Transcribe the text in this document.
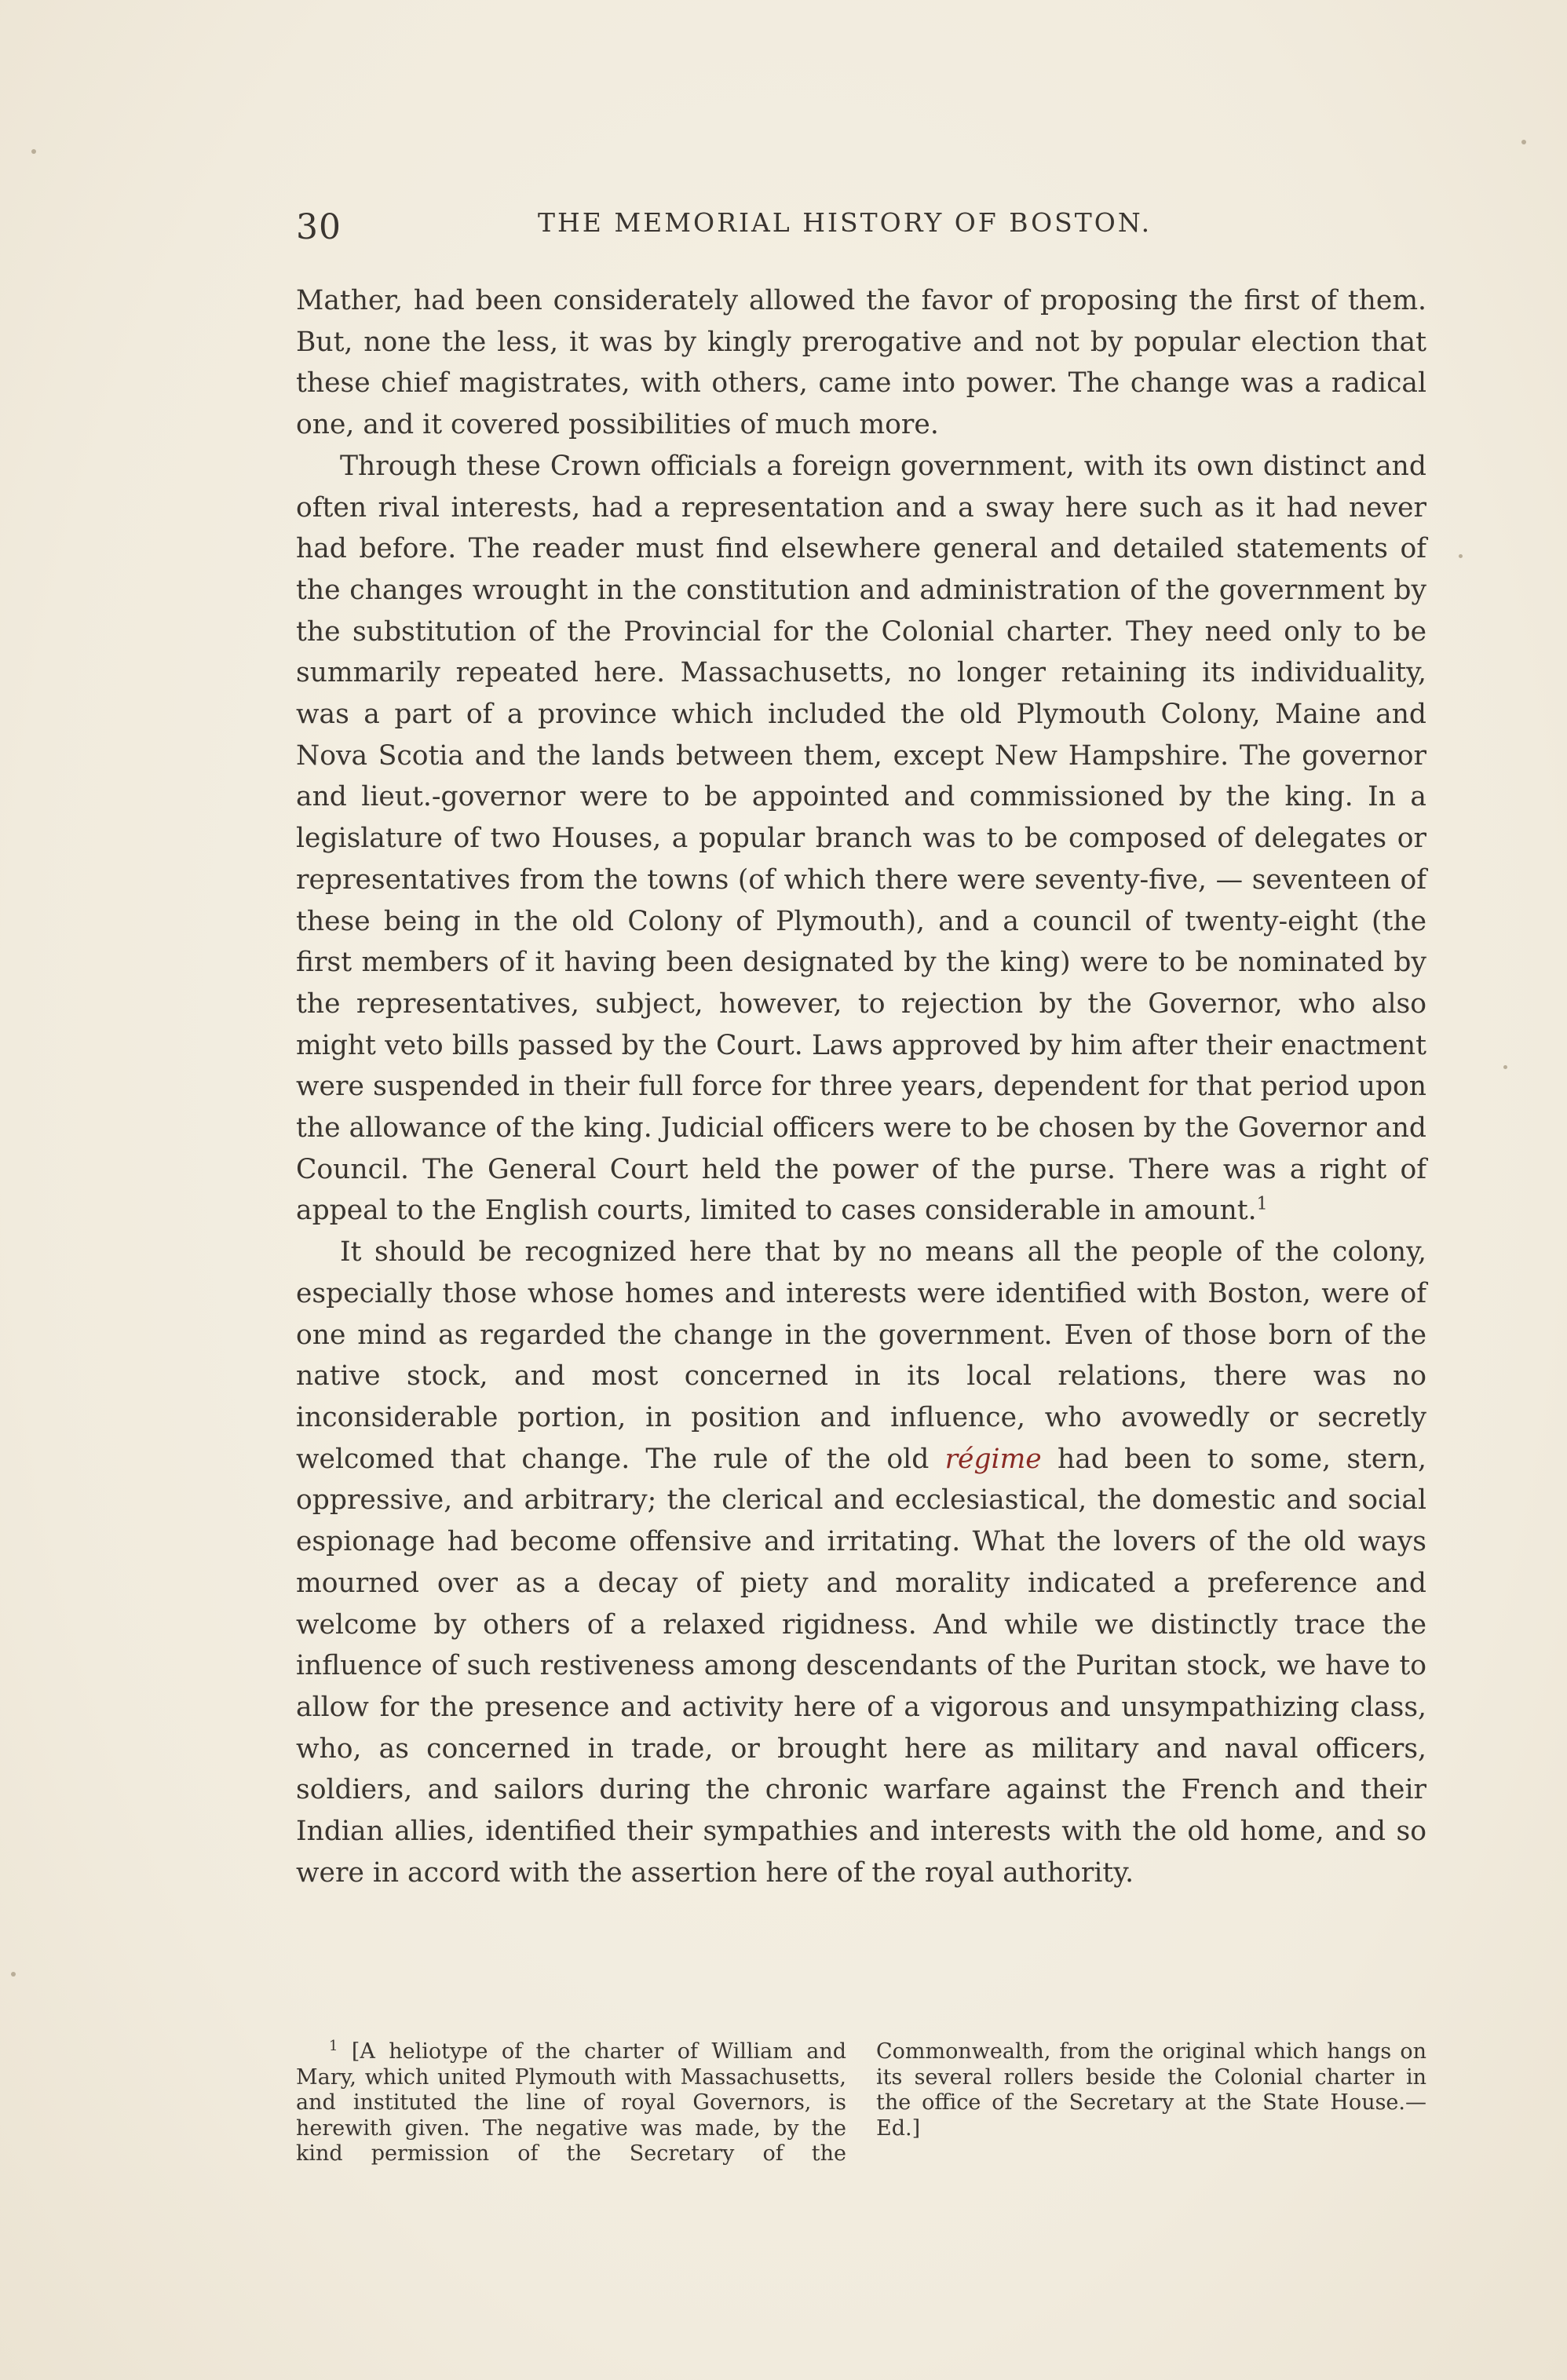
30	THE MEMORIAL HISTORY OF BOSTON.

Mather, had been considerately allowed the favor of proposing the first of them. But, none the less, it was by kingly prerogative and not by popular election that these chief magistrates, with others, came into power. The change was a radical one, and it covered possibilities of much more.

Through these Crown officials a foreign government, with its own distinct and often rival interests, had a representation and a sway here such as it had never had before. The reader must find elsewhere general and detailed statements of the changes wrought in the constitution and administration of the government by the substitution of the Provincial for the Colonial charter. They need only to be summarily repeated here. Massachusetts, no longer retaining its individuality, was a part of a province which included the old Plymouth Colony, Maine and Nova Scotia and the lands between them, except New Hampshire. The governor and lieut.-governor were to be appointed and commissioned by the king. In a legislature of two Houses, a popular branch was to be composed of delegates or representatives from the towns (of which there were seventy-five, — seventeen of these being in the old Colony of Plymouth), and a council of twenty-eight (the first members of it having been designated by the king) were to be nominated by the representatives, subject, however, to rejection by the Governor, who also might veto bills passed by the Court. Laws approved by him after their enactment were suspended in their full force for three years, dependent for that period upon the allowance of the king. Judicial officers were to be chosen by the Governor and Council. The General Court held the power of the purse. There was a right of appeal to the English courts, limited to cases considerable in amount.$^1$

It should be recognized here that by no means all the people of the colony, especially those whose homes and interests were identified with Boston, were of one mind as regarded the change in the government. Even of those born of the native stock, and most concerned in its local relations, there was no inconsiderable portion, in position and influence, who avowedly or secretly welcomed that change. The rule of the old régime had been to some, stern, oppressive, and arbitrary; the clerical and ecclesiastical, the domestic and social espionage had become offensive and irritating. What the lovers of the old ways mourned over as a decay of piety and morality indicated a preference and welcome by others of a relaxed rigidness. And while we distinctly trace the influence of such restiveness among descendants of the Puritan stock, we have to allow for the presence and activity here of a vigorous and unsympathizing class, who, as concerned in trade, or brought here as military and naval officers, soldiers, and sailors during the chronic warfare against the French and their Indian allies, identified their sympathies and interests with the old home, and so were in accord with the assertion here of the royal authority.

$^1$ [A heliotype of the charter of William and Mary, which united Plymouth with Massachusetts, and instituted the line of royal Governors, is herewith given. The negative was made, by the kind permission of the Secretary of the Commonwealth, from the original which hangs on its several rollers beside the Colonial charter in the office of the Secretary at the State House.—Ed.]
